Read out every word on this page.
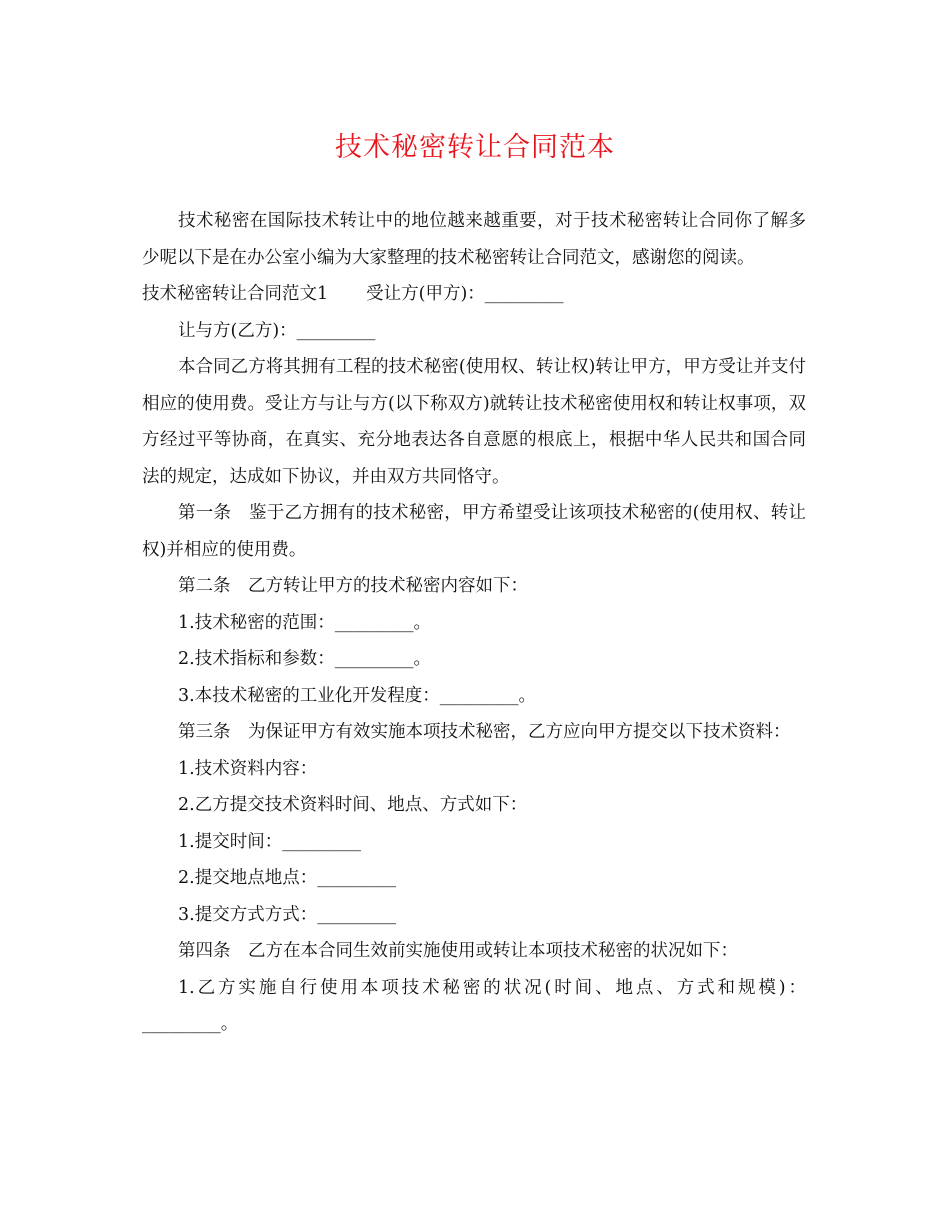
技术秘密转让合同范本

技术秘密在国际技术转让中的地位越来越重要，对于技术秘密转让合同你了解多少呢以下是在办公室小编为大家整理的技术秘密转让合同范文，感谢您的阅读。

技术秘密转让合同范文1 受让方(甲方)：_________

让与方(乙方)：_________

本合同乙方将其拥有工程的技术秘密(使用权、转让权)转让甲方，甲方受让并支付相应的使用费。受让方与让与方(以下称双方)就转让技术秘密使用权和转让权事项，双方经过平等协商，在真实、充分地表达各自意愿的根底上，根据中华人民共和国合同法的规定，达成如下协议，并由双方共同恪守。

第一条　鉴于乙方拥有的技术秘密，甲方希望受让该项技术秘密的(使用权、转让权)并相应的使用费。

第二条　乙方转让甲方的技术秘密内容如下：

1.技术秘密的范围：_________。

2.技术指标和参数：_________。

3.本技术秘密的工业化开发程度：_________。

第三条　为保证甲方有效实施本项技术秘密，乙方应向甲方提交以下技术资料：

1.技术资料内容：

2.乙方提交技术资料时间、地点、方式如下：

1.提交时间：_________

2.提交地点地点：_________

3.提交方式方式：_________

第四条　乙方在本合同生效前实施使用或转让本项技术秘密的状况如下：

1.乙方实施自行使用本项技术秘密的状况(时间、地点、方式和规模)：_________。
